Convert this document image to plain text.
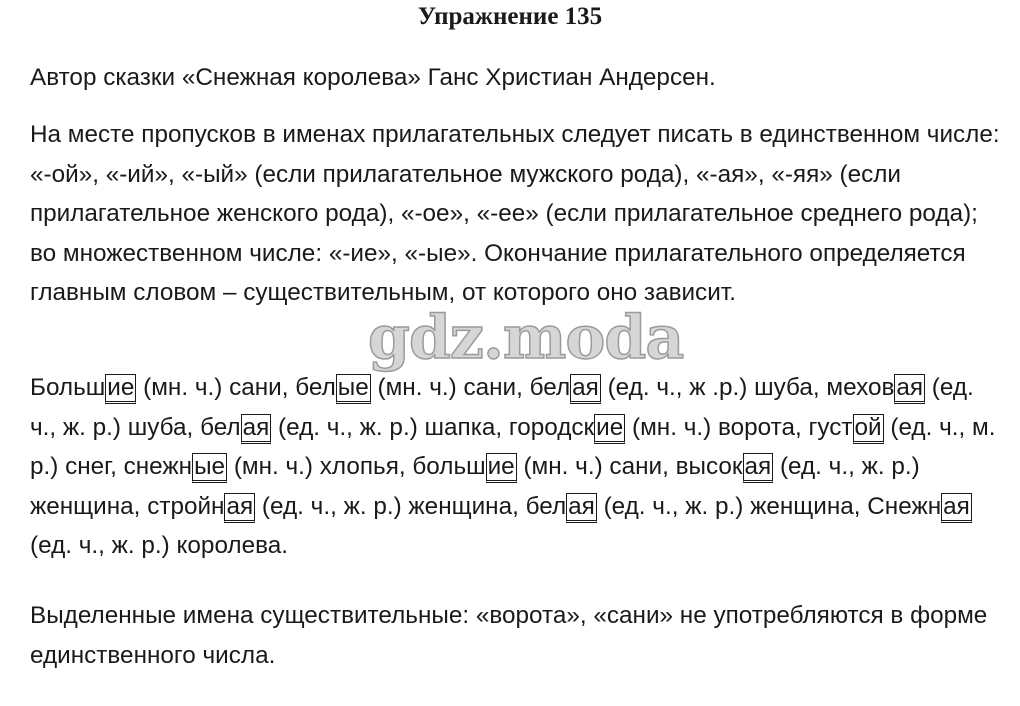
Упражнение 135
Автор сказки «Снежная королева» Ганс Христиан Андерсен.
На месте пропусков в именах прилагательных следует писать в единственном числе: «-ой», «-ий», «-ый» (если прилагательное мужского рода), «-ая», «-яя» (если прилагательное женского рода), «-ое», «-ее» (если прилагательное среднего рода); во множественном числе: «-ие», «-ые». Окончание прилагательного определяется главным словом – существительным, от которого оно зависит.
Большие (мн. ч.) сани, белые (мн. ч.) сани, белая (ед. ч., ж .р.) шуба, меховая (ед. ч., ж. р.) шуба, белая (ед. ч., ж. р.) шапка, городские (мн. ч.) ворота, густой (ед. ч., м. р.) снег, снежные (мн. ч.) хлопья, большие (мн. ч.) сани, высокая (ед. ч., ж. р.) женщина, стройная (ед. ч., ж. р.) женщина, белая (ед. ч., ж. р.) женщина, Снежная (ед. ч., ж. р.) королева.
Выделенные имена существительные: «ворота», «сани» не употребляются в форме единственного числа.
gdz.moda
